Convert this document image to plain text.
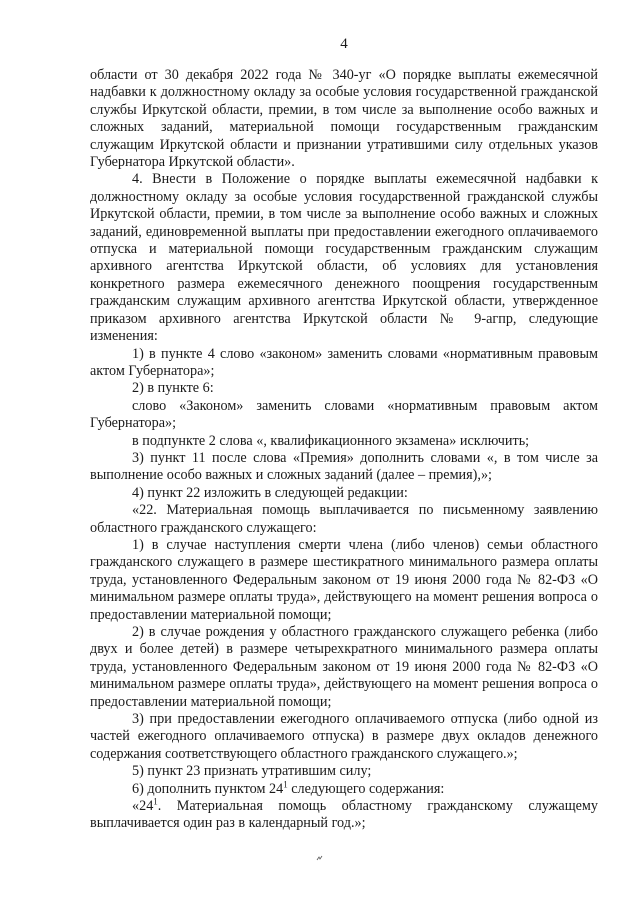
4

области от 30 декабря 2022 года № 340-уг «О порядке выплаты ежемесячной надбавки к должностному окладу за особые условия государственной гражданской службы Иркутской области, премии, в том числе за выполнение особо важных и сложных заданий, материальной помощи государственным гражданским служащим Иркутской области и признании утратившими силу отдельных указов Губернатора Иркутской области».

4. Внести в Положение о порядке выплаты ежемесячной надбавки к должностному окладу за особые условия государственной гражданской службы Иркутской области, премии, в том числе за выполнение особо важных и сложных заданий, единовременной выплаты при предоставлении ежегодного оплачиваемого отпуска и материальной помощи государственным гражданским служащим архивного агентства Иркутской области, об условиях для установления конкретного размера ежемесячного денежного поощрения государственным гражданским служащим архивного агентства Иркутской области, утвержденное приказом архивного агентства Иркутской области № 9-агпр, следующие изменения:

1) в пункте 4 слово «законом» заменить словами «нормативным правовым актом Губернатора»;

2) в пункте 6:

слово «Законом» заменить словами «нормативным правовым актом Губернатора»;

в подпункте 2 слова «, квалификационного экзамена» исключить;

3) пункт 11 после слова «Премия» дополнить словами «, в том числе за выполнение особо важных и сложных заданий (далее – премия),»;

4) пункт 22 изложить в следующей редакции:

«22. Материальная помощь выплачивается по письменному заявлению областного гражданского служащего:

1) в случае наступления смерти члена (либо членов) семьи областного гражданского служащего в размере шестикратного минимального размера оплаты труда, установленного Федеральным законом от 19 июня 2000 года № 82-ФЗ «О минимальном размере оплаты труда», действующего на момент решения вопроса о предоставлении материальной помощи;

2) в случае рождения у областного гражданского служащего ребенка (либо двух и более детей) в размере четырехкратного минимального размера оплаты труда, установленного Федеральным законом от 19 июня 2000 года № 82-ФЗ «О минимальном размере оплаты труда», действующего на момент решения вопроса о предоставлении материальной помощи;

3) при предоставлении ежегодного оплачиваемого отпуска (либо одной из частей ежегодного оплачиваемого отпуска) в размере двух окладов денежного содержания соответствующего областного гражданского служащего.»;

5) пункт 23 признать утратившим силу;

6) дополнить пунктом $24^1$ следующего содержания:

«$24^1$. Материальная помощь областному гражданскому служащему выплачивается один раз в календарный год.»;
